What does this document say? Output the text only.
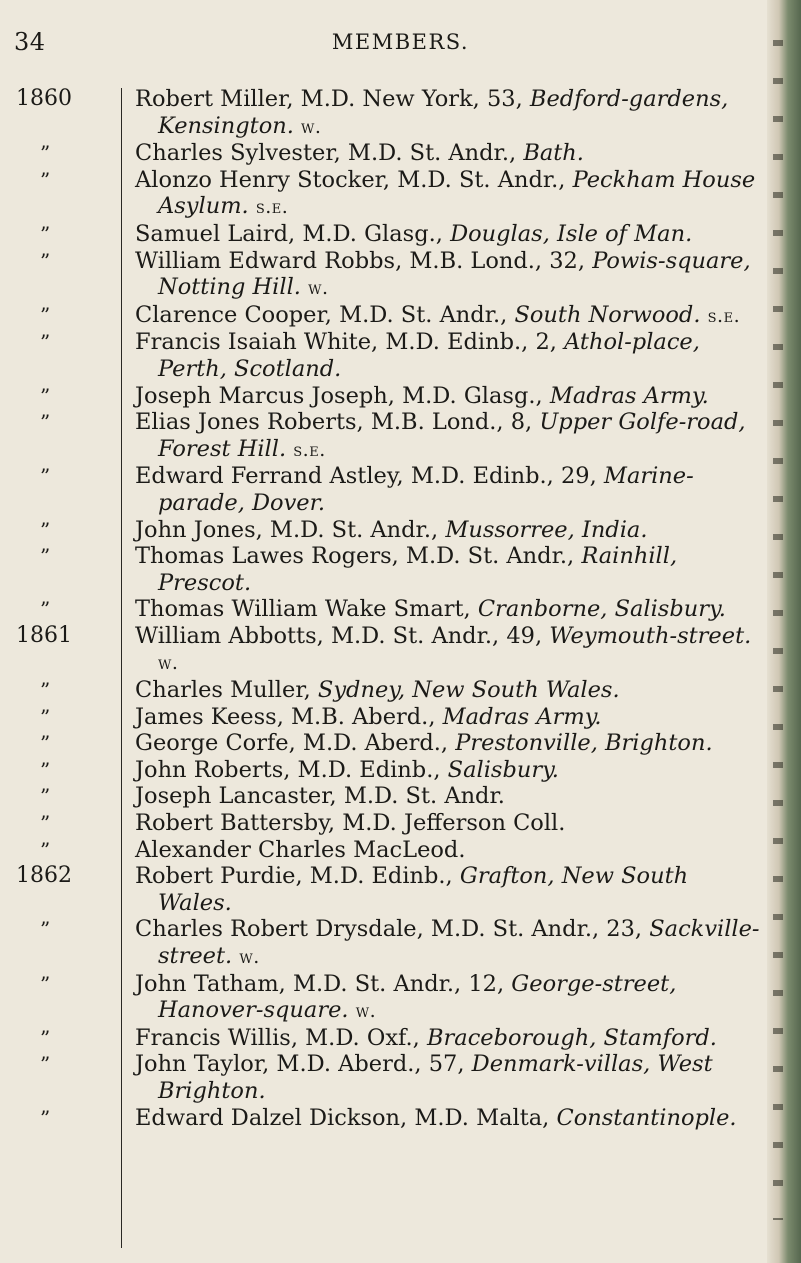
34	MEMBERS.
1860	Robert Miller, M.D. New York, 53, Bedford-gardens, Kensington. w.
”	Charles Sylvester, M.D. St. Andr., Bath.
”	Alonzo Henry Stocker, M.D. St. Andr., Peckham House Asylum. s.e.
”	Samuel Laird, M.D. Glasg., Douglas, Isle of Man.
”	William Edward Robbs, M.B. Lond., 32, Powis-square, Notting Hill. w.
”	Clarence Cooper, M.D. St. Andr., South Norwood. s.e.
”	Francis Isaiah White, M.D. Edinb., 2, Athol-place, Perth, Scotland.
”	Joseph Marcus Joseph, M.D. Glasg., Madras Army.
”	Elias Jones Roberts, M.B. Lond., 8, Upper Golfe-road, Forest Hill. s.e.
”	Edward Ferrand Astley, M.D. Edinb., 29, Marine-parade, Dover.
”	John Jones, M.D. St. Andr., Mussorree, India.
”	Thomas Lawes Rogers, M.D. St. Andr., Rainhill, Prescot.
”	Thomas William Wake Smart, Cranborne, Salisbury.
1861	William Abbotts, M.D. St. Andr., 49, Weymouth-street. w.
”	Charles Muller, Sydney, New South Wales.
”	James Keess, M.B. Aberd., Madras Army.
”	George Corfe, M.D. Aberd., Prestonville, Brighton.
”	John Roberts, M.D. Edinb., Salisbury.
”	Joseph Lancaster, M.D. St. Andr.
”	Robert Battersby, M.D. Jefferson Coll.
”	Alexander Charles MacLeod.
1862	Robert Purdie, M.D. Edinb., Grafton, New South Wales.
”	Charles Robert Drysdale, M.D. St. Andr., 23, Sackville-street. w.
”	John Tatham, M.D. St. Andr., 12, George-street, Hanover-square. w.
”	Francis Willis, M.D. Oxf., Braceborough, Stamford.
”	John Taylor, M.D. Aberd., 57, Denmark-villas, West Brighton.
”	Edward Dalzel Dickson, M.D. Malta, Constantinople.
